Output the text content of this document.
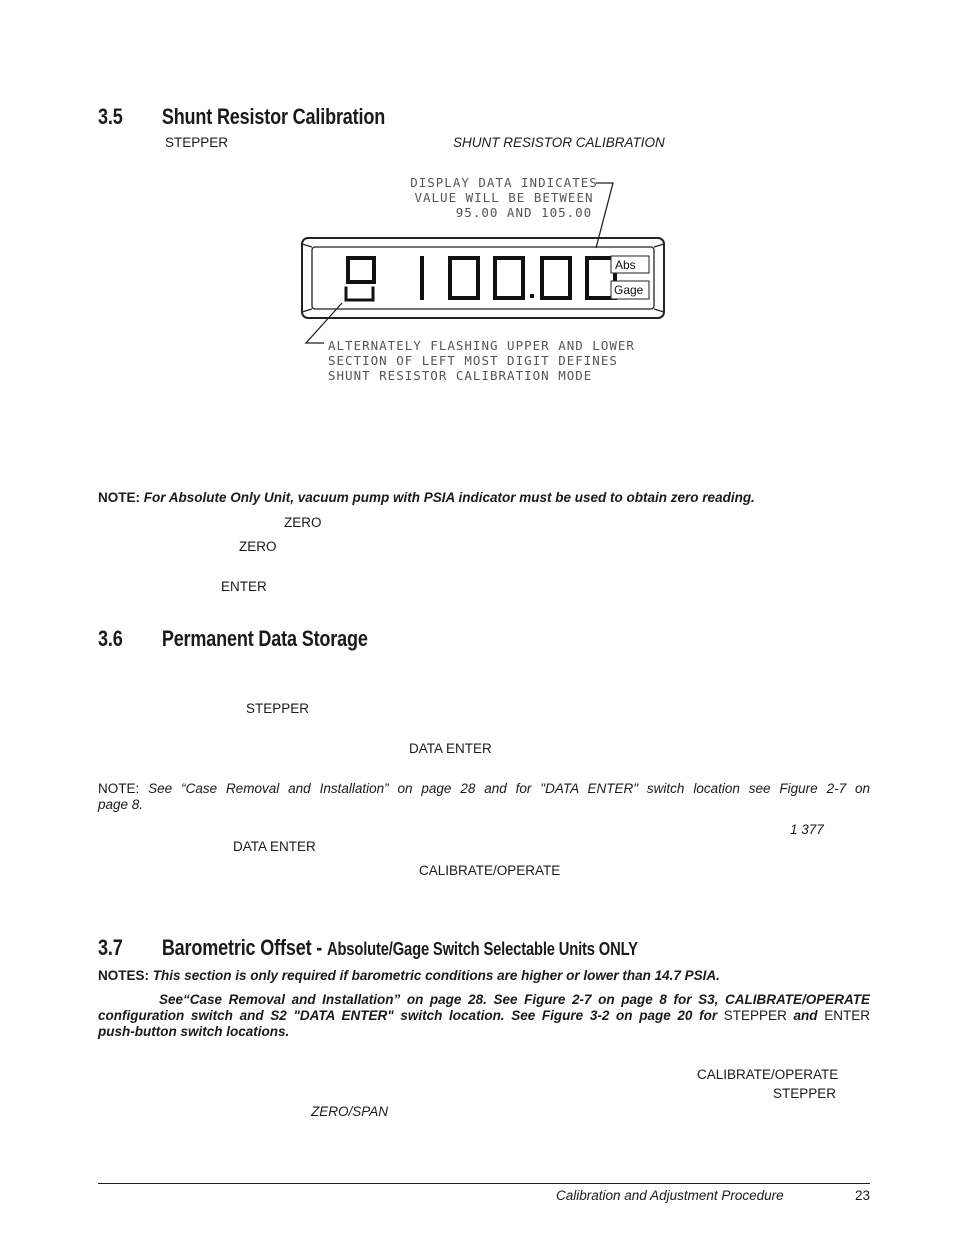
3.5 Shunt Resistor Calibration
STEPPER	SHUNT RESISTOR CALIBRATION
DISPLAY DATA INDICATES
VALUE WILL BE BETWEEN
95.00 AND 105.00
Abs
Gage
ALTERNATELY FLASHING UPPER AND LOWER
SECTION OF LEFT MOST DIGIT DEFINES
SHUNT RESISTOR CALIBRATION MODE
NOTE: For Absolute Only Unit, vacuum pump with PSIA indicator must be used to obtain zero reading.
ZERO
ZERO
ENTER
3.6 Permanent Data Storage
STEPPER
DATA ENTER
NOTE: See “Case Removal and Installation” on page 28 and for "DATA ENTER" switch location see Figure 2-7 on
page 8.
1 377
DATA ENTER
CALIBRATE/OPERATE
3.7 Barometric Offset - Absolute/Gage Switch Selectable Units ONLY
NOTES: This section is only required if barometric conditions are higher or lower than 14.7 PSIA.
See“Case Removal and Installation” on page 28. See Figure 2-7 on page 8 for S3, CALIBRATE/OPERATE
configuration switch and S2 "DATA ENTER" switch location. See Figure 3-2 on page 20 for STEPPER and ENTER
push-button switch locations.
CALIBRATE/OPERATE
STEPPER
ZERO/SPAN
Calibration and Adjustment Procedure	23
